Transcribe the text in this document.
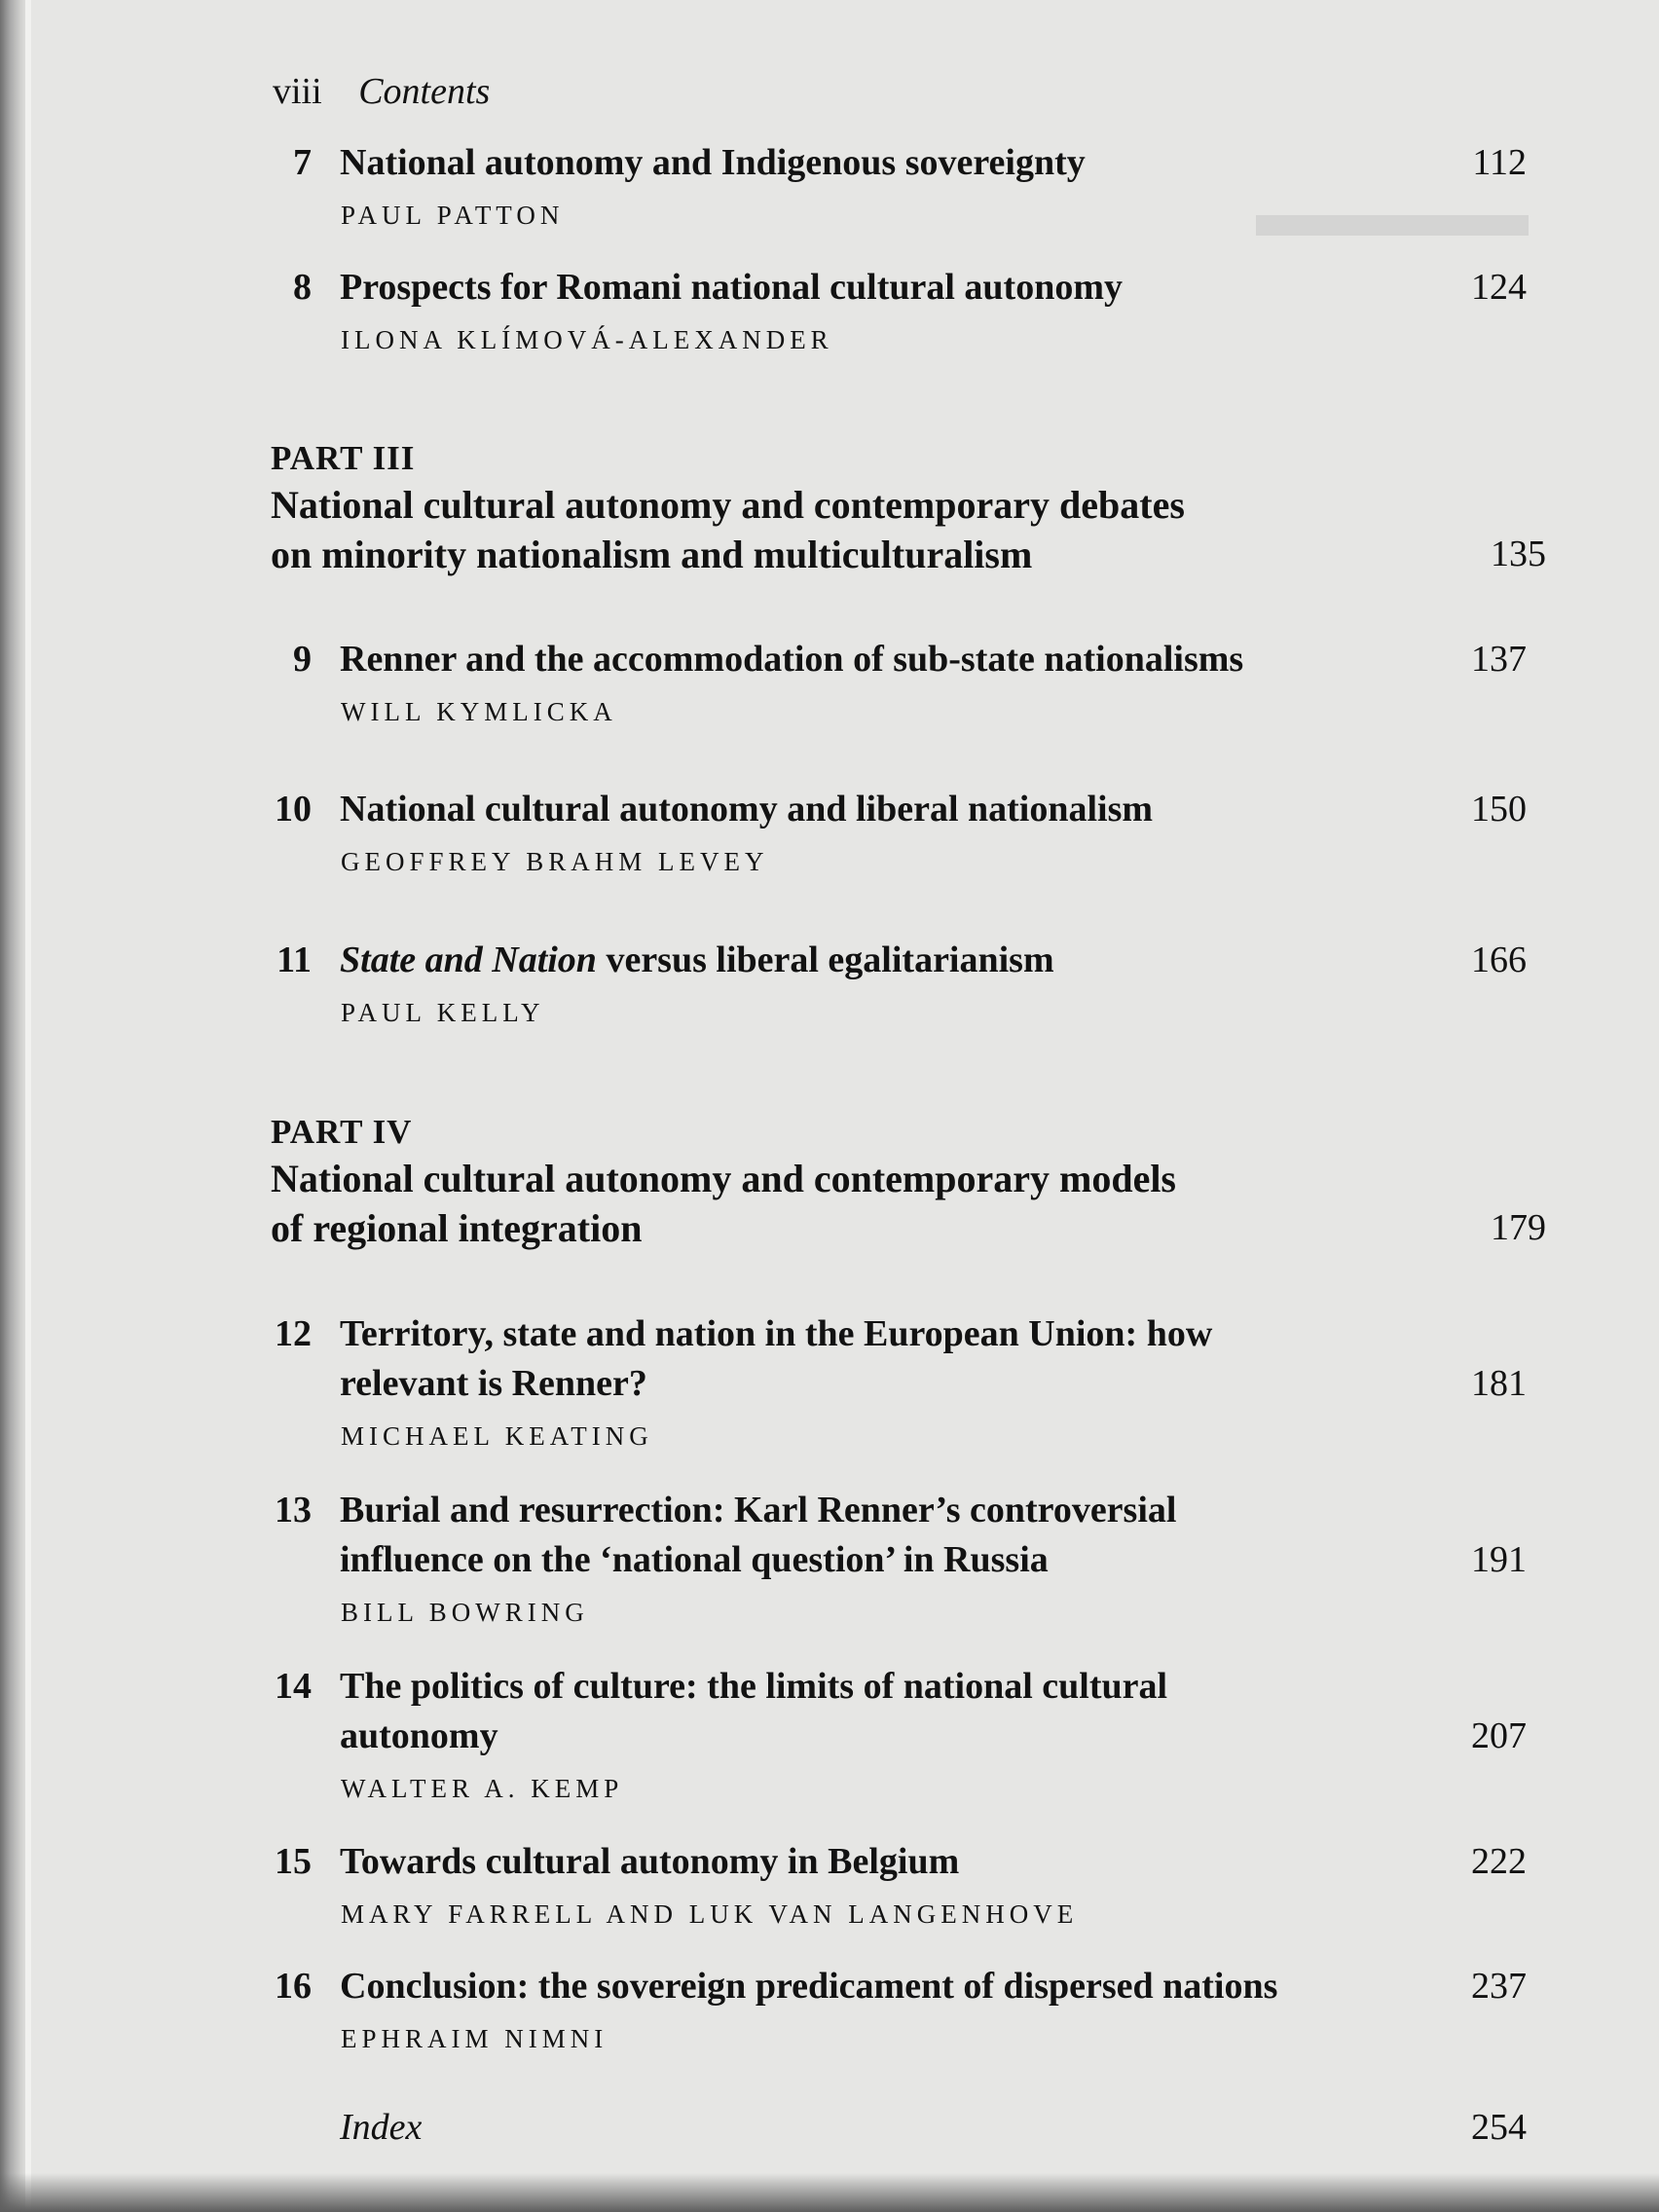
▬▬▬▬
viii Contents
7 National autonomy and Indigenous sovereignty	112
PAUL PATTON
8 Prospects for Romani national cultural autonomy	124
ILONA KLÍMOVÁ-ALEXANDER
PART III
National cultural autonomy and contemporary debates
on minority nationalism and multiculturalism	135
9 Renner and the accommodation of sub-state nationalisms	137
WILL KYMLICKA
10 National cultural autonomy and liberal nationalism	150
GEOFFREY BRAHM LEVEY
11 State and Nation versus liberal egalitarianism	166
PAUL KELLY
PART IV
National cultural autonomy and contemporary models
of regional integration	179
12 Territory, state and nation in the European Union: how
relevant is Renner?	181
MICHAEL KEATING
13 Burial and resurrection: Karl Renner’s controversial
influence on the ‘national question’ in Russia	191
BILL BOWRING
14 The politics of culture: the limits of national cultural
autonomy	207
WALTER A. KEMP
15 Towards cultural autonomy in Belgium	222
MARY FARRELL AND LUK VAN LANGENHOVE
16 Conclusion: the sovereign predicament of dispersed nations	237
EPHRAIM NIMNI
Index	254
